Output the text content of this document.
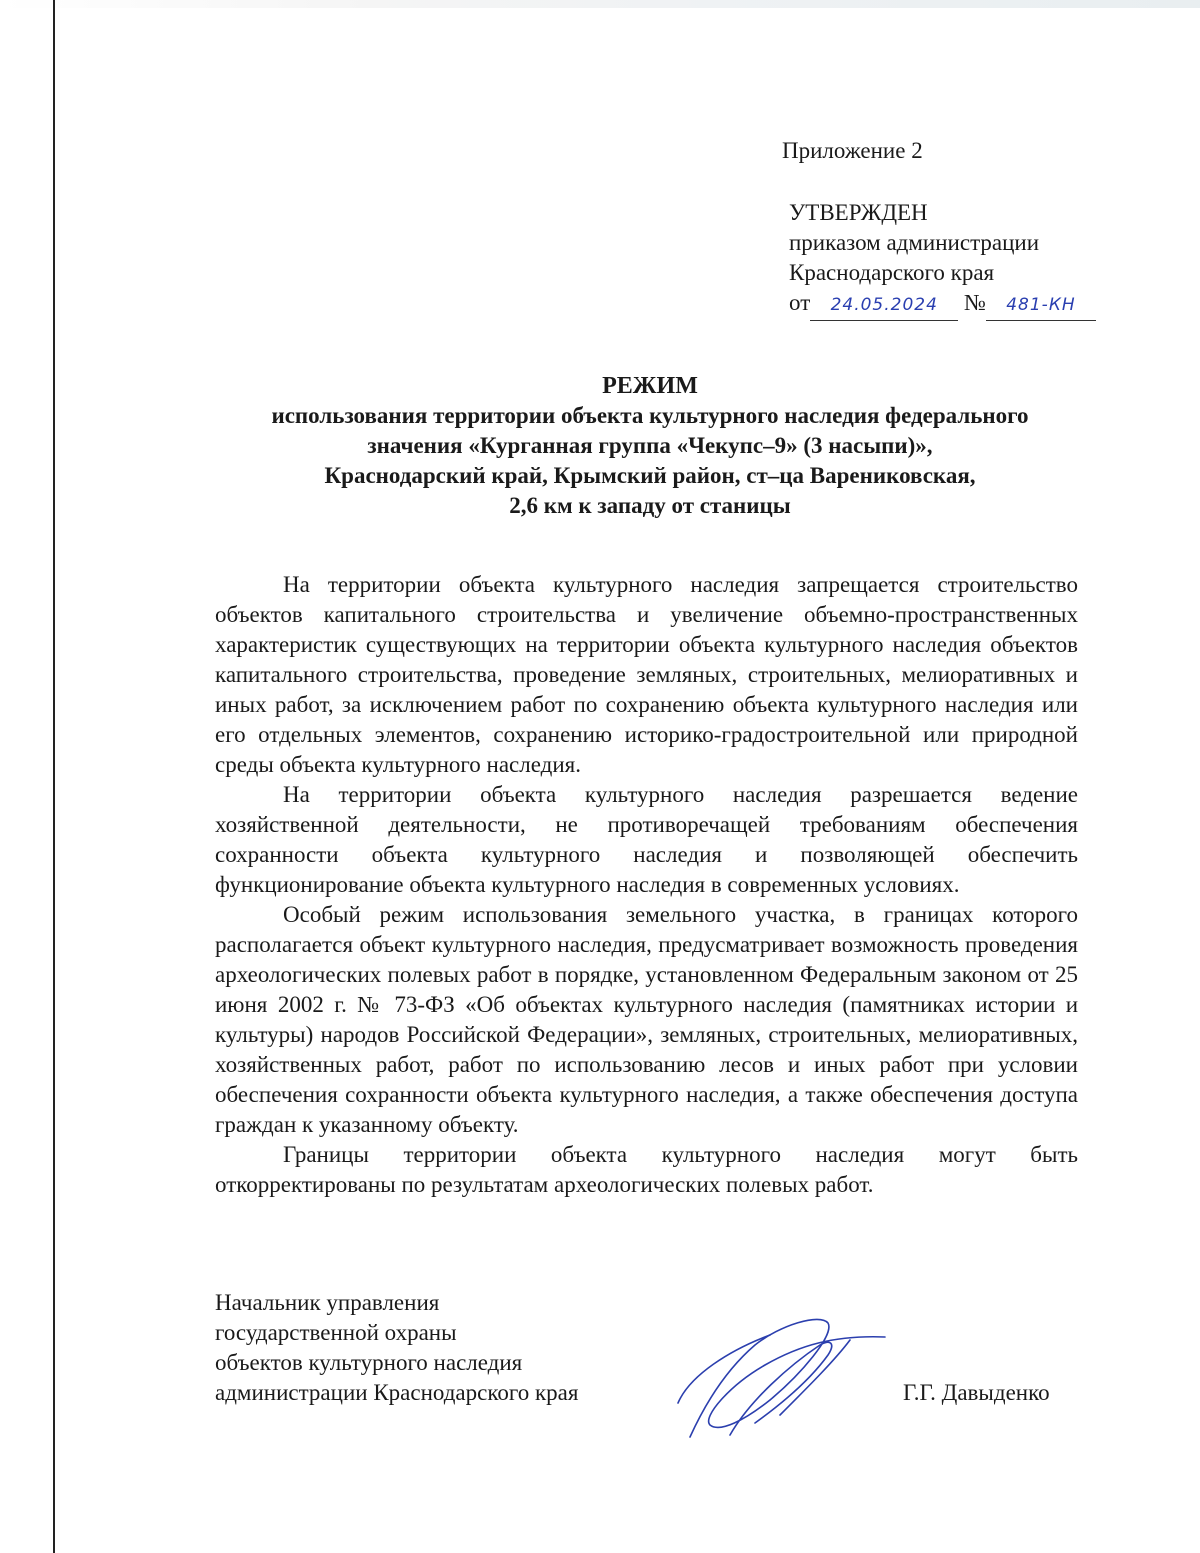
Приложение 2
УТВЕРЖДЕН
приказом администрации
Краснодарского края
от 24.05.2024 № 481-КН
РЕЖИМ
использования территории объекта культурного наследия федерального
значения «Курганная группа «Чекупс–9» (3 насыпи)»,
Краснодарский край, Крымский район, ст–ца Варениковская,
2,6 км к западу от станицы

На территории объекта культурного наследия запрещается строительство объектов капитального строительства и увеличение объемно-пространственных характеристик существующих на территории объекта культурного наследия объектов капитального строительства, проведение земляных, строительных, мелиоративных и иных работ, за исключением работ по сохранению объекта культурного наследия или его отдельных элементов, сохранению историко-градостроительной или природной среды объекта культурного наследия.

На территории объекта культурного наследия разрешается ведение хозяйственной деятельности, не противоречащей требованиям обеспечения сохранности объекта культурного наследия и позволяющей обеспечить функционирование объекта культурного наследия в современных условиях.

Особый режим использования земельного участка, в границах которого располагается объект культурного наследия, предусматривает возможность проведения археологических полевых работ в порядке, установленном Федеральным законом от 25 июня 2002 г. № 73-ФЗ «Об объектах культурного наследия (памятниках истории и культуры) народов Российской Федерации», земляных, строительных, мелиоративных, хозяйственных работ, работ по использованию лесов и иных работ при условии обеспечения сохранности объекта культурного наследия, а также обеспечения доступа граждан к указанному объекту.

Границы территории объекта культурного наследия могут быть откорректированы по результатам археологических полевых работ.

Начальник управления
государственной охраны
объектов культурного наследия
администрации Краснодарского края	Г.Г. Давыденко
